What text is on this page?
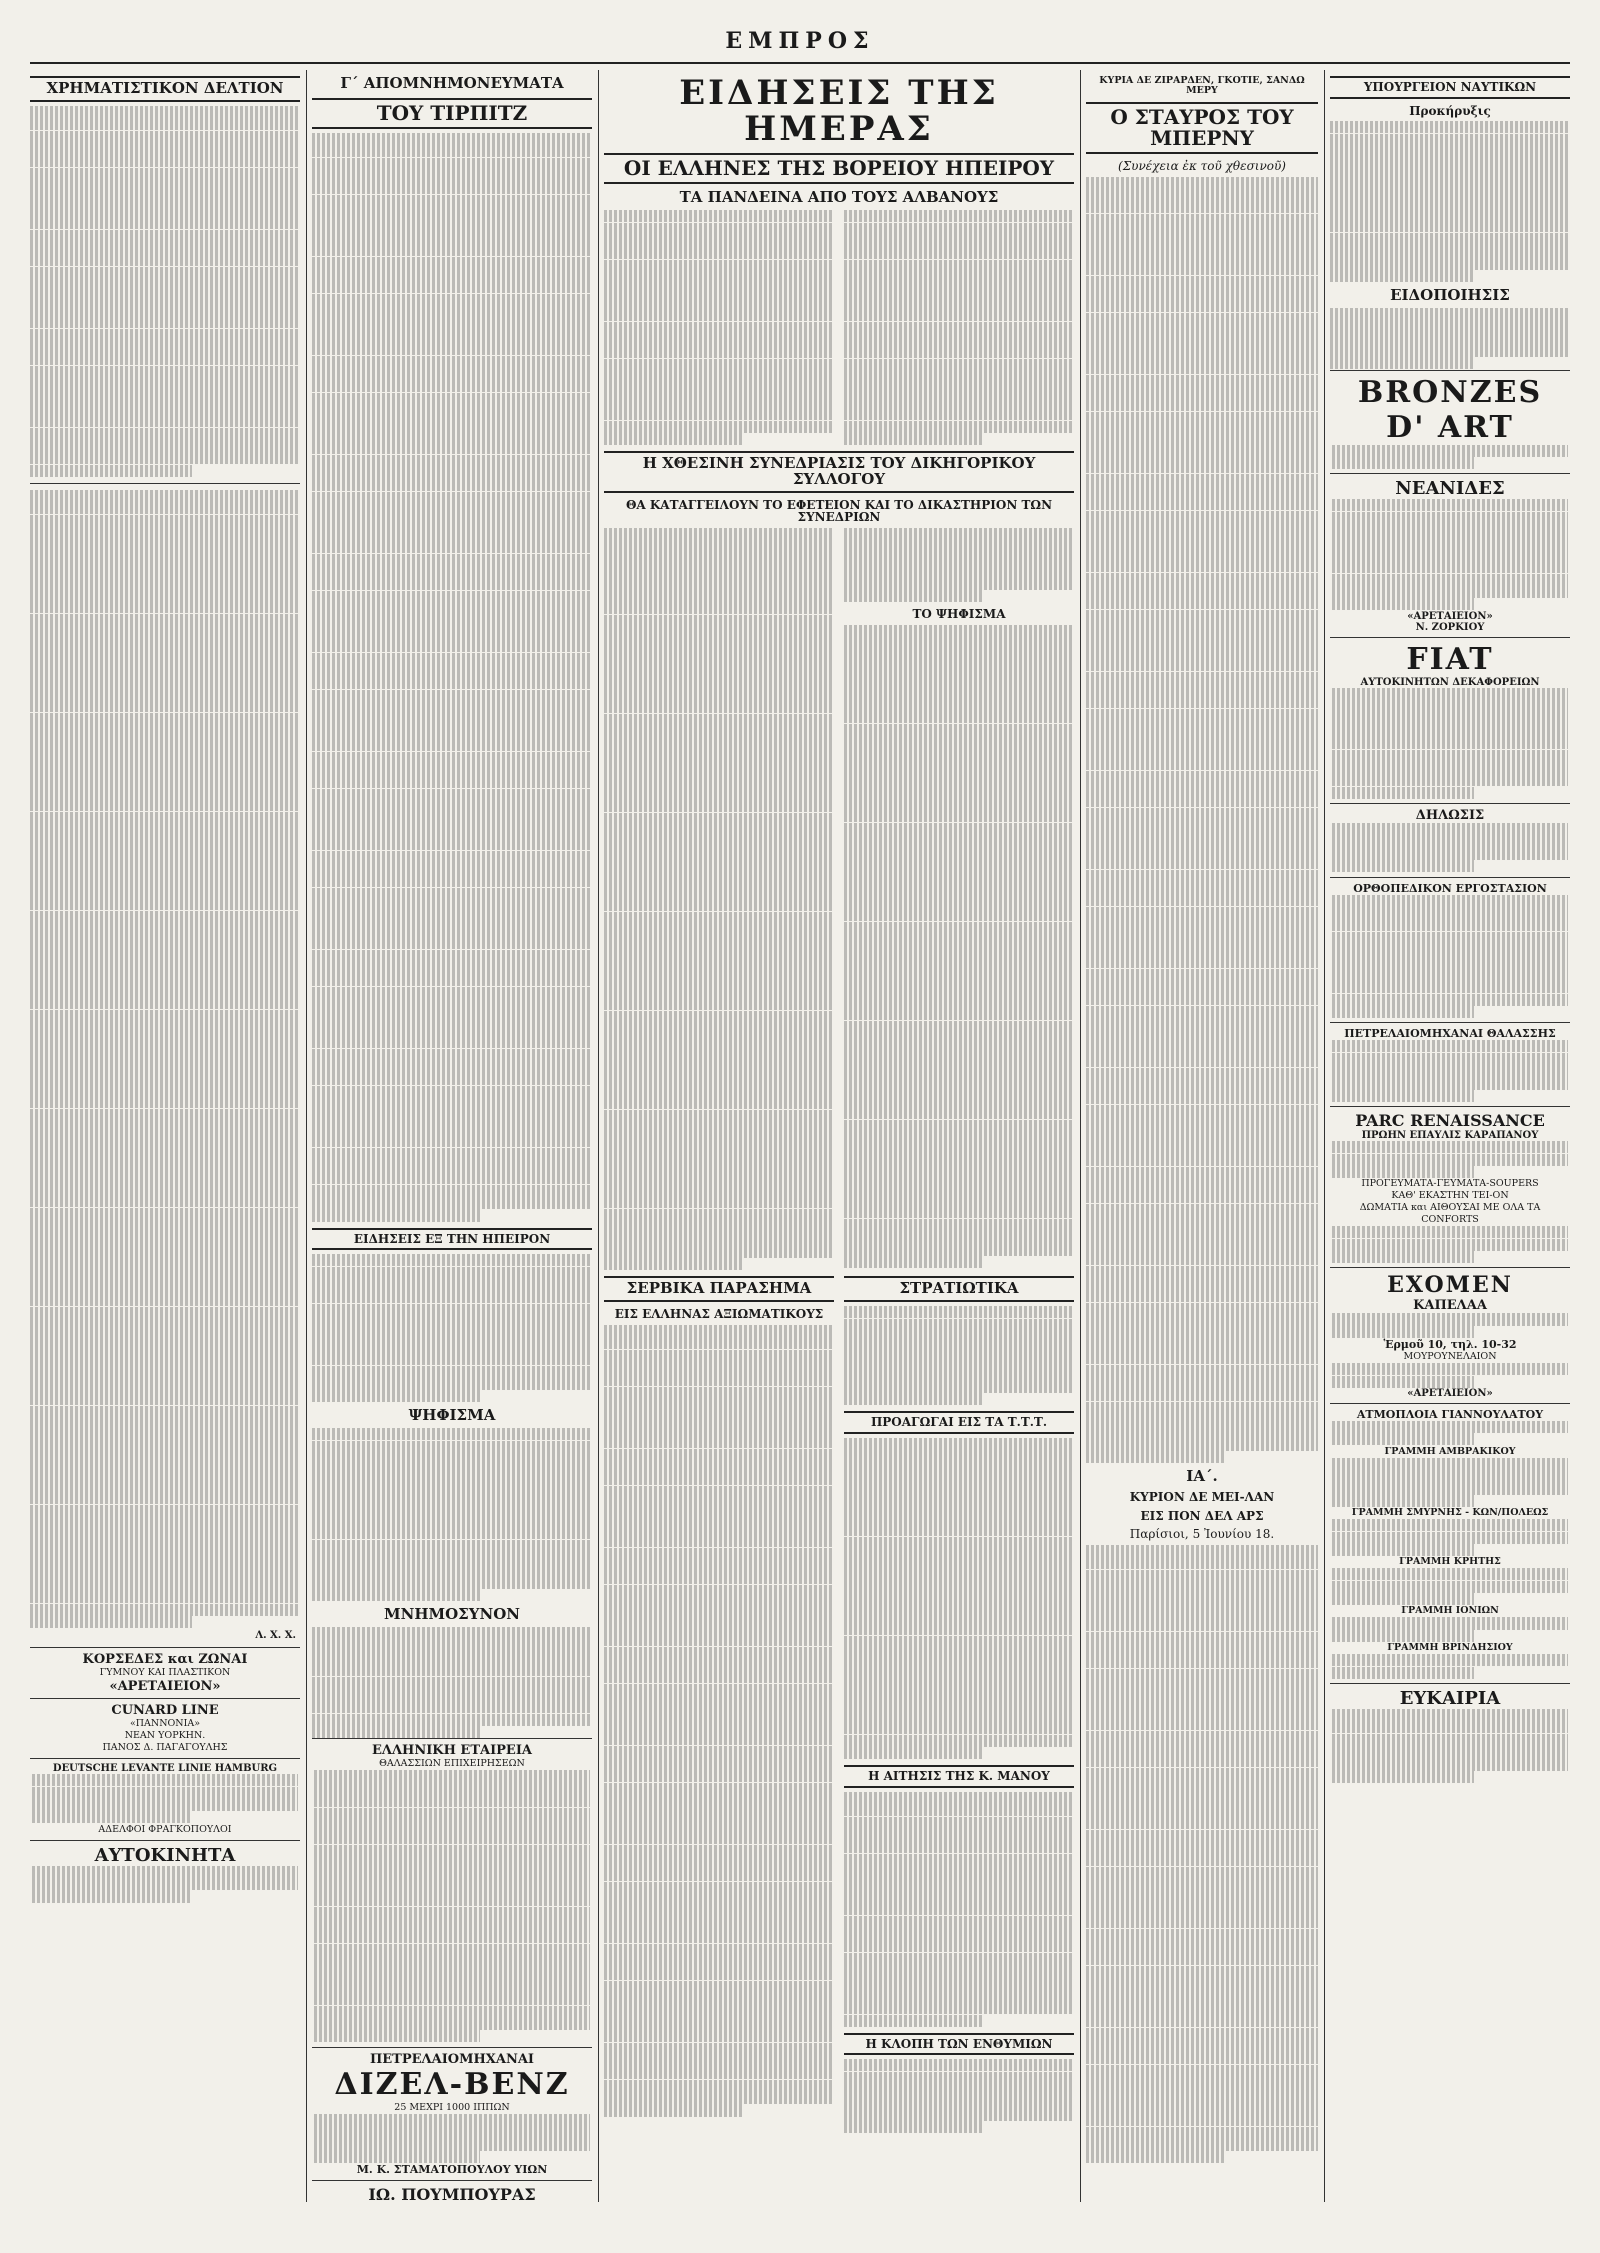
ΕΜΠΡΟΣ
ΧΡΗΜΑΤΙΣΤΙΚΟΝ ΔΕΛΤΙΟΝ
Λ. Χ. Χ.
ΚΟΡΣΕΔΕΣ και ΖΩΝΑΙ
ΓΥΜΝΟΥ ΚΑΙ ΠΛΑΣΤΙΚΟΝ
«ΑΡΕΤΑΙΕΙΟΝ»
CUNARD LINE
«ΠΑΝΝΟΝΙΑ»
ΝΕΑΝ ΥΟΡΚΗΝ.
ΠΑΝΟΣ Δ. ΠΑΓΑΓΟΥΛΗΣ
DEUTSCHE LEVANTE LINIE HAMBURG
ΑΔΕΛΦΟΙ ΦΡΑΓΚΟΠΟΥΛΟΙ
ΑΥΤΟΚΙΝΗΤΑ
Γ΄ ΑΠΟΜΝΗΜΟΝΕΥΜΑΤΑ
ΤΟΥ ΤΙΡΠΙΤΖ
ΕΙΔΗΣΕΙΣ ΕΞ ΤΗΝ ΗΠΕΙΡΟΝ
ΨΗΦΙΣΜΑ
ΜΝΗΜΟΣΥΝΟΝ
ΕΛΛΗΝΙΚΗ ΕΤΑΙΡΕΙΑ
ΘΑΛΑΣΣΙΩΝ ΕΠΙΧΕΙΡΗΣΕΩΝ
ΠΕΤΡΕΛΑΙΟΜΗΧΑΝΑΙ
ΔΙΖΕΛ-ΒΕΝΖ
25 ΜΕΧΡΙ 1000 ΙΠΠΩΝ
Μ. Κ. ΣΤΑΜΑΤΟΠΟΥΛΟΥ ΥΙΩΝ
ΙΩ. ΠΟΥΜΠΟΥΡΑΣ
ΕΙΔΗΣΕΙΣ ΤΗΣ ΗΜΕΡΑΣ
ΟΙ ΕΛΛΗΝΕΣ ΤΗΣ ΒΟΡΕΙΟΥ ΗΠΕΙΡΟΥ
ΤΑ ΠΑΝΔΕΙΝΑ ΑΠΟ ΤΟΥΣ ΑΛΒΑΝΟΥΣ
Η ΧΘΕΣΙΝΗ ΣΥΝΕΔΡΙΑΣΙΣ ΤΟΥ ΔΙΚΗΓΟΡΙΚΟΥ ΣΥΛΛΟΓΟΥ
ΘΑ ΚΑΤΑΓΓΕΙΛΟΥΝ ΤΟ ΕΦΕΤΕΙΟΝ ΚΑΙ ΤΟ ΔΙΚΑΣΤΗΡΙΟΝ ΤΩΝ ΣΥΝΕΔΡΙΩΝ
ΤΟ ΨΗΦΙΣΜΑ
ΣΕΡΒΙΚΑ ΠΑΡΑΣΗΜΑ
ΕΙΣ ΕΛΛΗΝΑΣ ΑΞΙΩΜΑΤΙΚΟΥΣ
ΣΤΡΑΤΙΩΤΙΚΑ
ΠΡΟΑΓΩΓΑΙ ΕΙΣ ΤΑ Τ.Τ.Τ.
Η ΑΙΤΗΣΙΣ ΤΗΣ Κ. ΜΑΝΟΥ
Η ΚΛΟΠΗ ΤΩΝ ΕΝΘΥΜΙΩΝ
ΚΥΡΙΑ ΔΕ ΖΙΡΑΡΔΕΝ, ΓΚΟΤΙΕ, ΣΑΝΔΩ ΜΕΡΥ
Ο ΣΤΑΥΡΟΣ ΤΟΥ ΜΠΕΡΝΥ
(Συνέχεια ἐκ τοῦ χθεσινοῦ)
ΙΑ΄.
ΚΥΡΙΟΝ ΔΕ ΜΕΙ-ΛΑΝ
ΕΙΣ ΠΟΝ ΔΕΛ ΑΡΣ
Παρίσιοι, 5 Ἰουνίου 18.
ΥΠΟΥΡΓΕΙΟΝ ΝΑΥΤΙΚΩΝ
Προκήρυξις
ΕΙΔΟΠΟΙΗΣΙΣ
BRONZES
D' ART
ΝΕΑΝΙΔΕΣ
«ΑΡΕΤΑΙΕΙΟΝ»
Ν. ΖΟΡΚΙΟΥ
FIAT
ΑΥΤΟΚΙΝΗΤΩΝ ΔΕΚΑΦΟΡΕΙΩΝ
ΔΗΛΩΣΙΣ
ΟΡΘΟΠΕΔΙΚΟΝ ΕΡΓΟΣΤΑΣΙΟΝ
ΠΕΤΡΕΛΑΙΟΜΗΧΑΝΑΙ ΘΑΛΑΣΣΗΣ
PARC RENAISSANCE
ΠΡΩΗΝ ΕΠΑΥΛΙΣ ΚΑΡΑΠΑΝΟΥ
ΠΡΟΓΕΥΜΑΤΑ-ΓΕΥΜΑΤΑ-SOUPERS
ΚΑΘ' ΕΚΑΣΤΗΝ ΤΕΙ-ΟΝ
ΔΩΜΑΤΙΑ και ΑΙΘΟΥΣΑΙ ΜΕ ΟΛΑ ΤΑ CONFORTS
EXOMEN
ΚΑΠΕΛΑΑ
Ἑρμοῦ 10, τηλ. 10-32
ΜΟΥΡΟΥΝΕΛΑΙΟΝ
«ΑΡΕΤΑΙΕΙΟΝ»
ΑΤΜΟΠΛΟΙΑ ΓΙΑΝΝΟΥΛΑΤΟΥ
ΓΡΑΜΜΗ ΑΜΒΡΑΚΙΚΟΥ
ΓΡΑΜΜΗ ΣΜΥΡΝΗΣ - ΚΩΝ/ΠΟΛΕΩΣ
ΓΡΑΜΜΗ ΚΡΗΤΗΣ
ΓΡΑΜΜΗ ΙΟΝΙΩΝ
ΓΡΑΜΜΗ ΒΡΙΝΔΗΣΙΟΥ
ΕΥΚΑΙΡΙΑ
